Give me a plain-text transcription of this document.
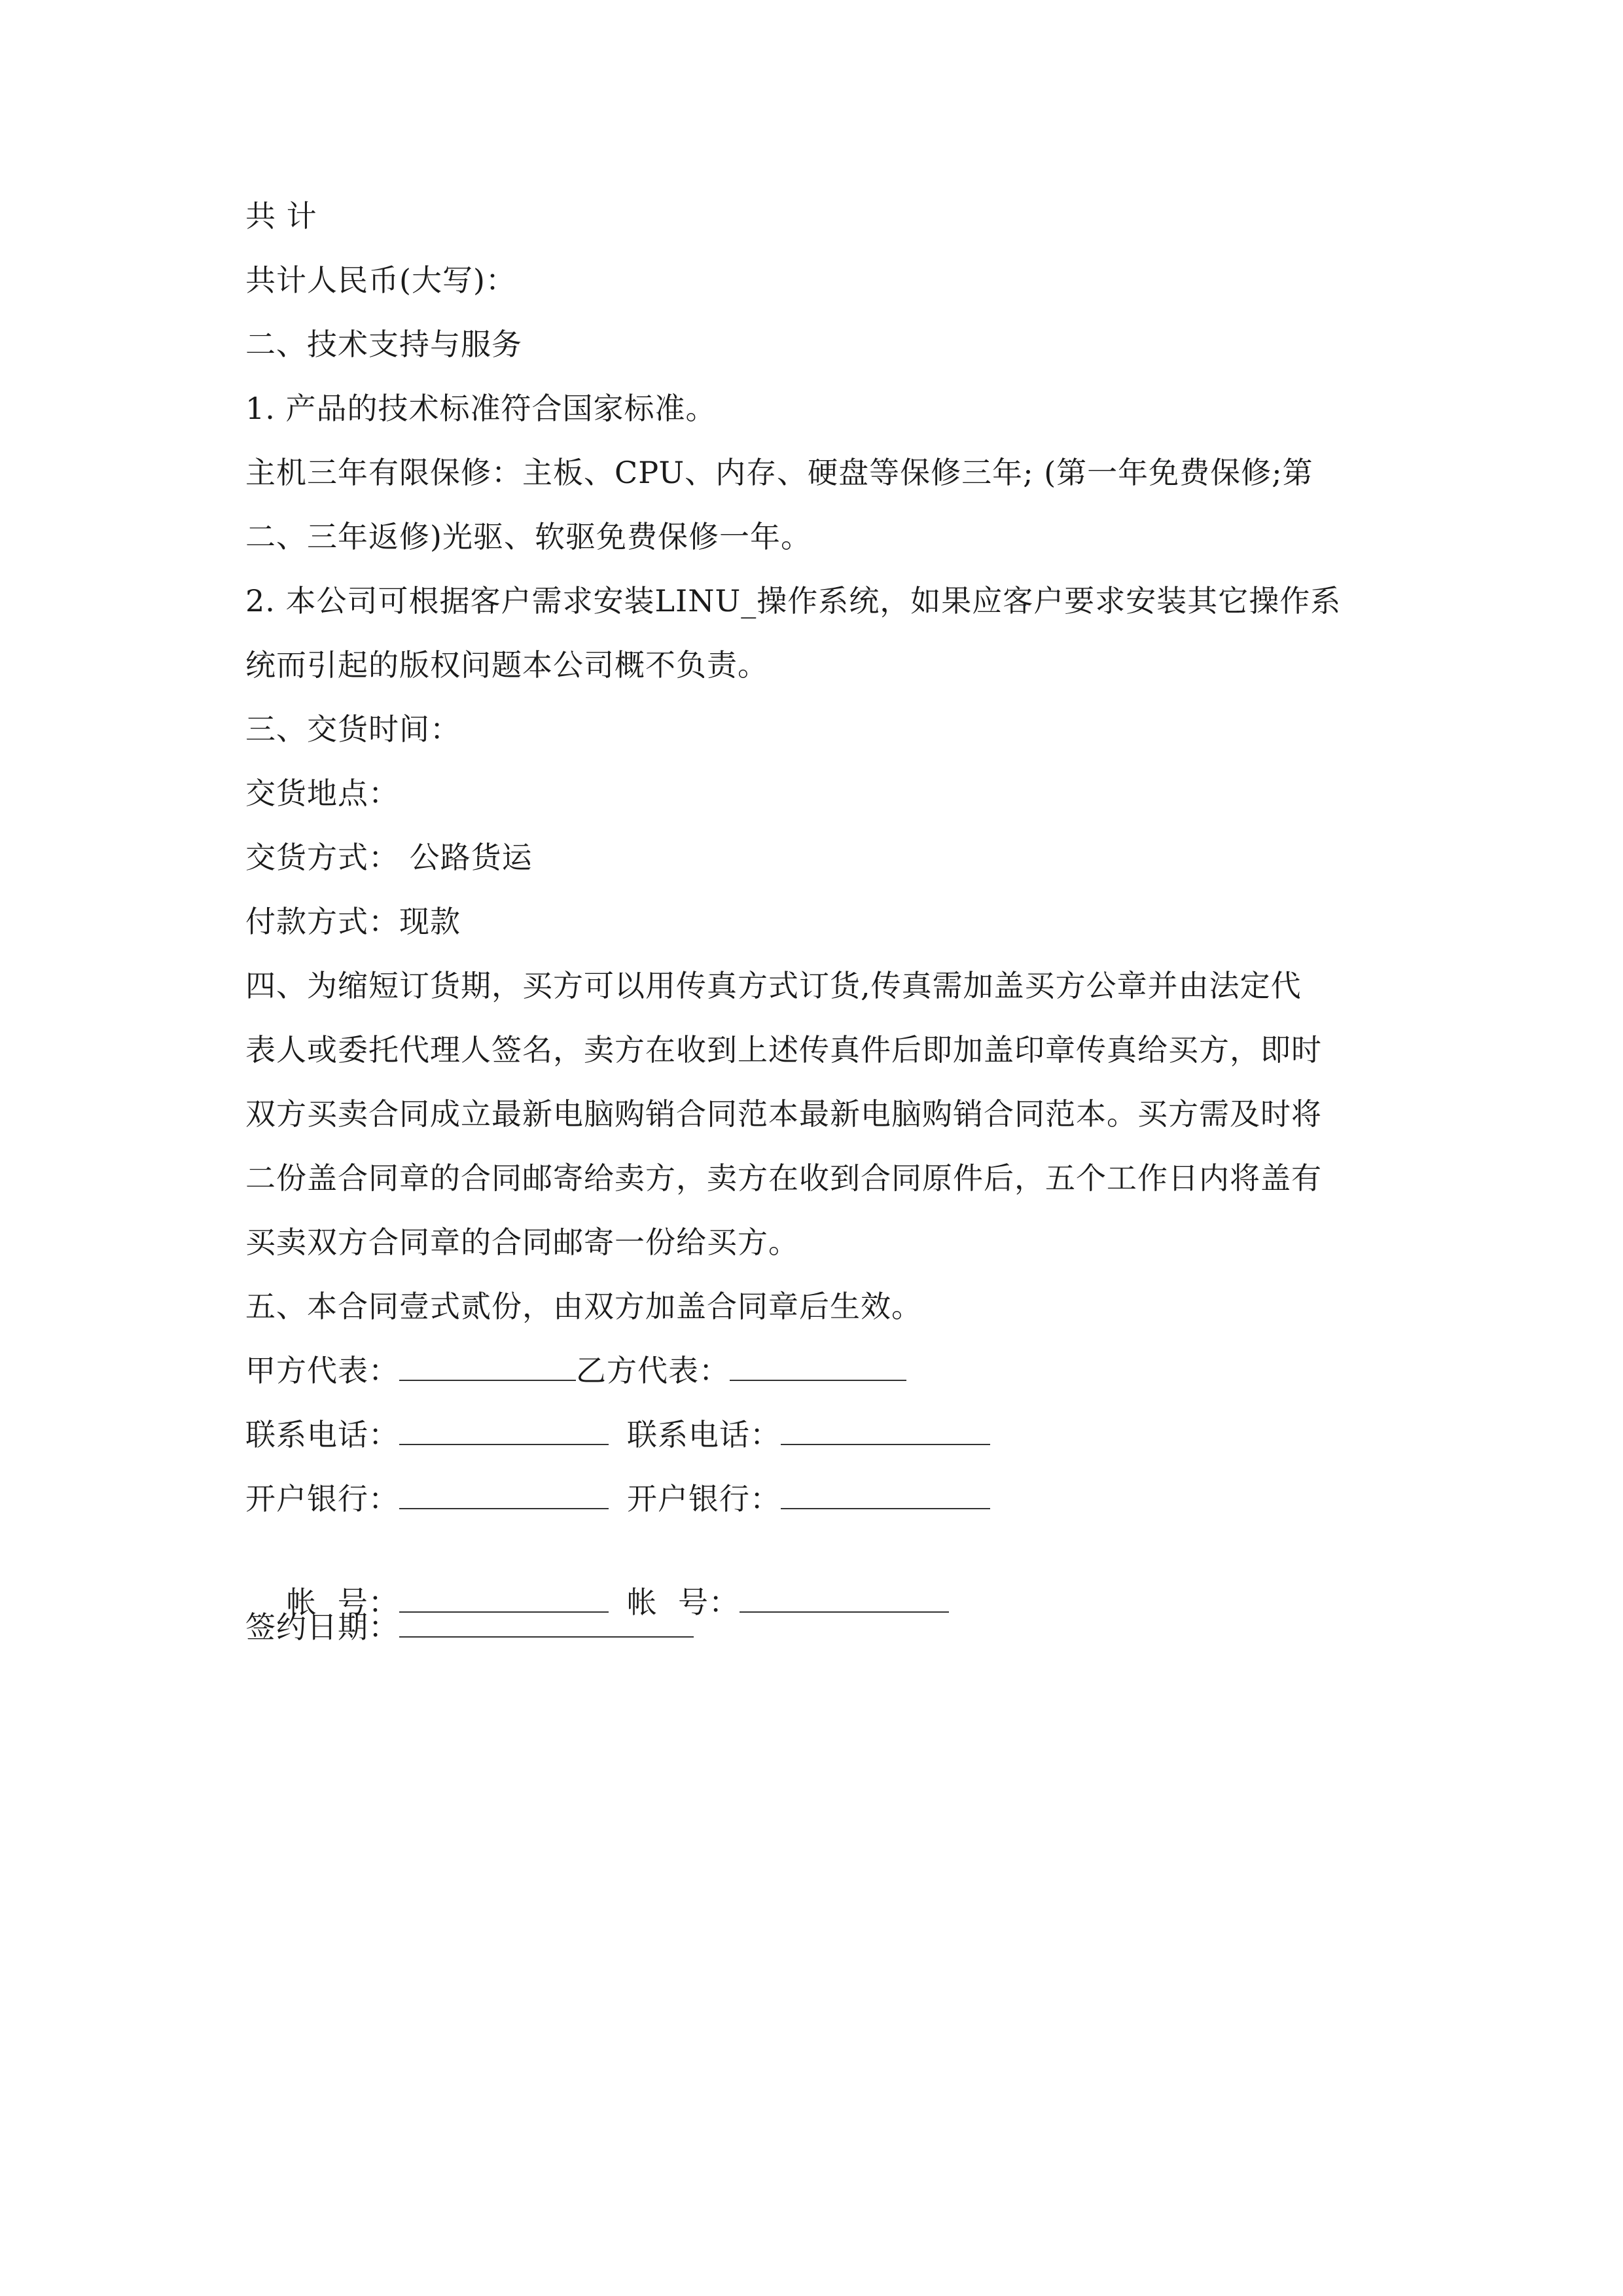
共 计
共计人民币(大写)：
二、技术支持与服务
1. 产品的技术标准符合国家标准。
主机三年有限保修：主板、CPU、内存、硬盘等保修三年; (第一年免费保修;第
二、三年返修)光驱、软驱免费保修一年。
2. 本公司可根据客户需求安装LINU_操作系统，如果应客户要求安装其它操作系
统而引起的版权问题本公司概不负责。
三、交货时间：
交货地点：
交货方式： 公路货运
付款方式：现款
四、为缩短订货期，买方可以用传真方式订货,传真需加盖买方公章并由法定代
表人或委托代理人签名，卖方在收到上述传真件后即加盖印章传真给买方，即时
双方买卖合同成立最新电脑购销合同范本最新电脑购销合同范本。买方需及时将
二份盖合同章的合同邮寄给卖方，卖方在收到合同原件后，五个工作日内将盖有
买卖双方合同章的合同邮寄一份给买方。
五、本合同壹式贰份，由双方加盖合同章后生效。
甲方代表：	乙方代表：
联系电话：	联系电话：
开户银行：	开户银行：

帐  号：	帐  号：

签约日期：
